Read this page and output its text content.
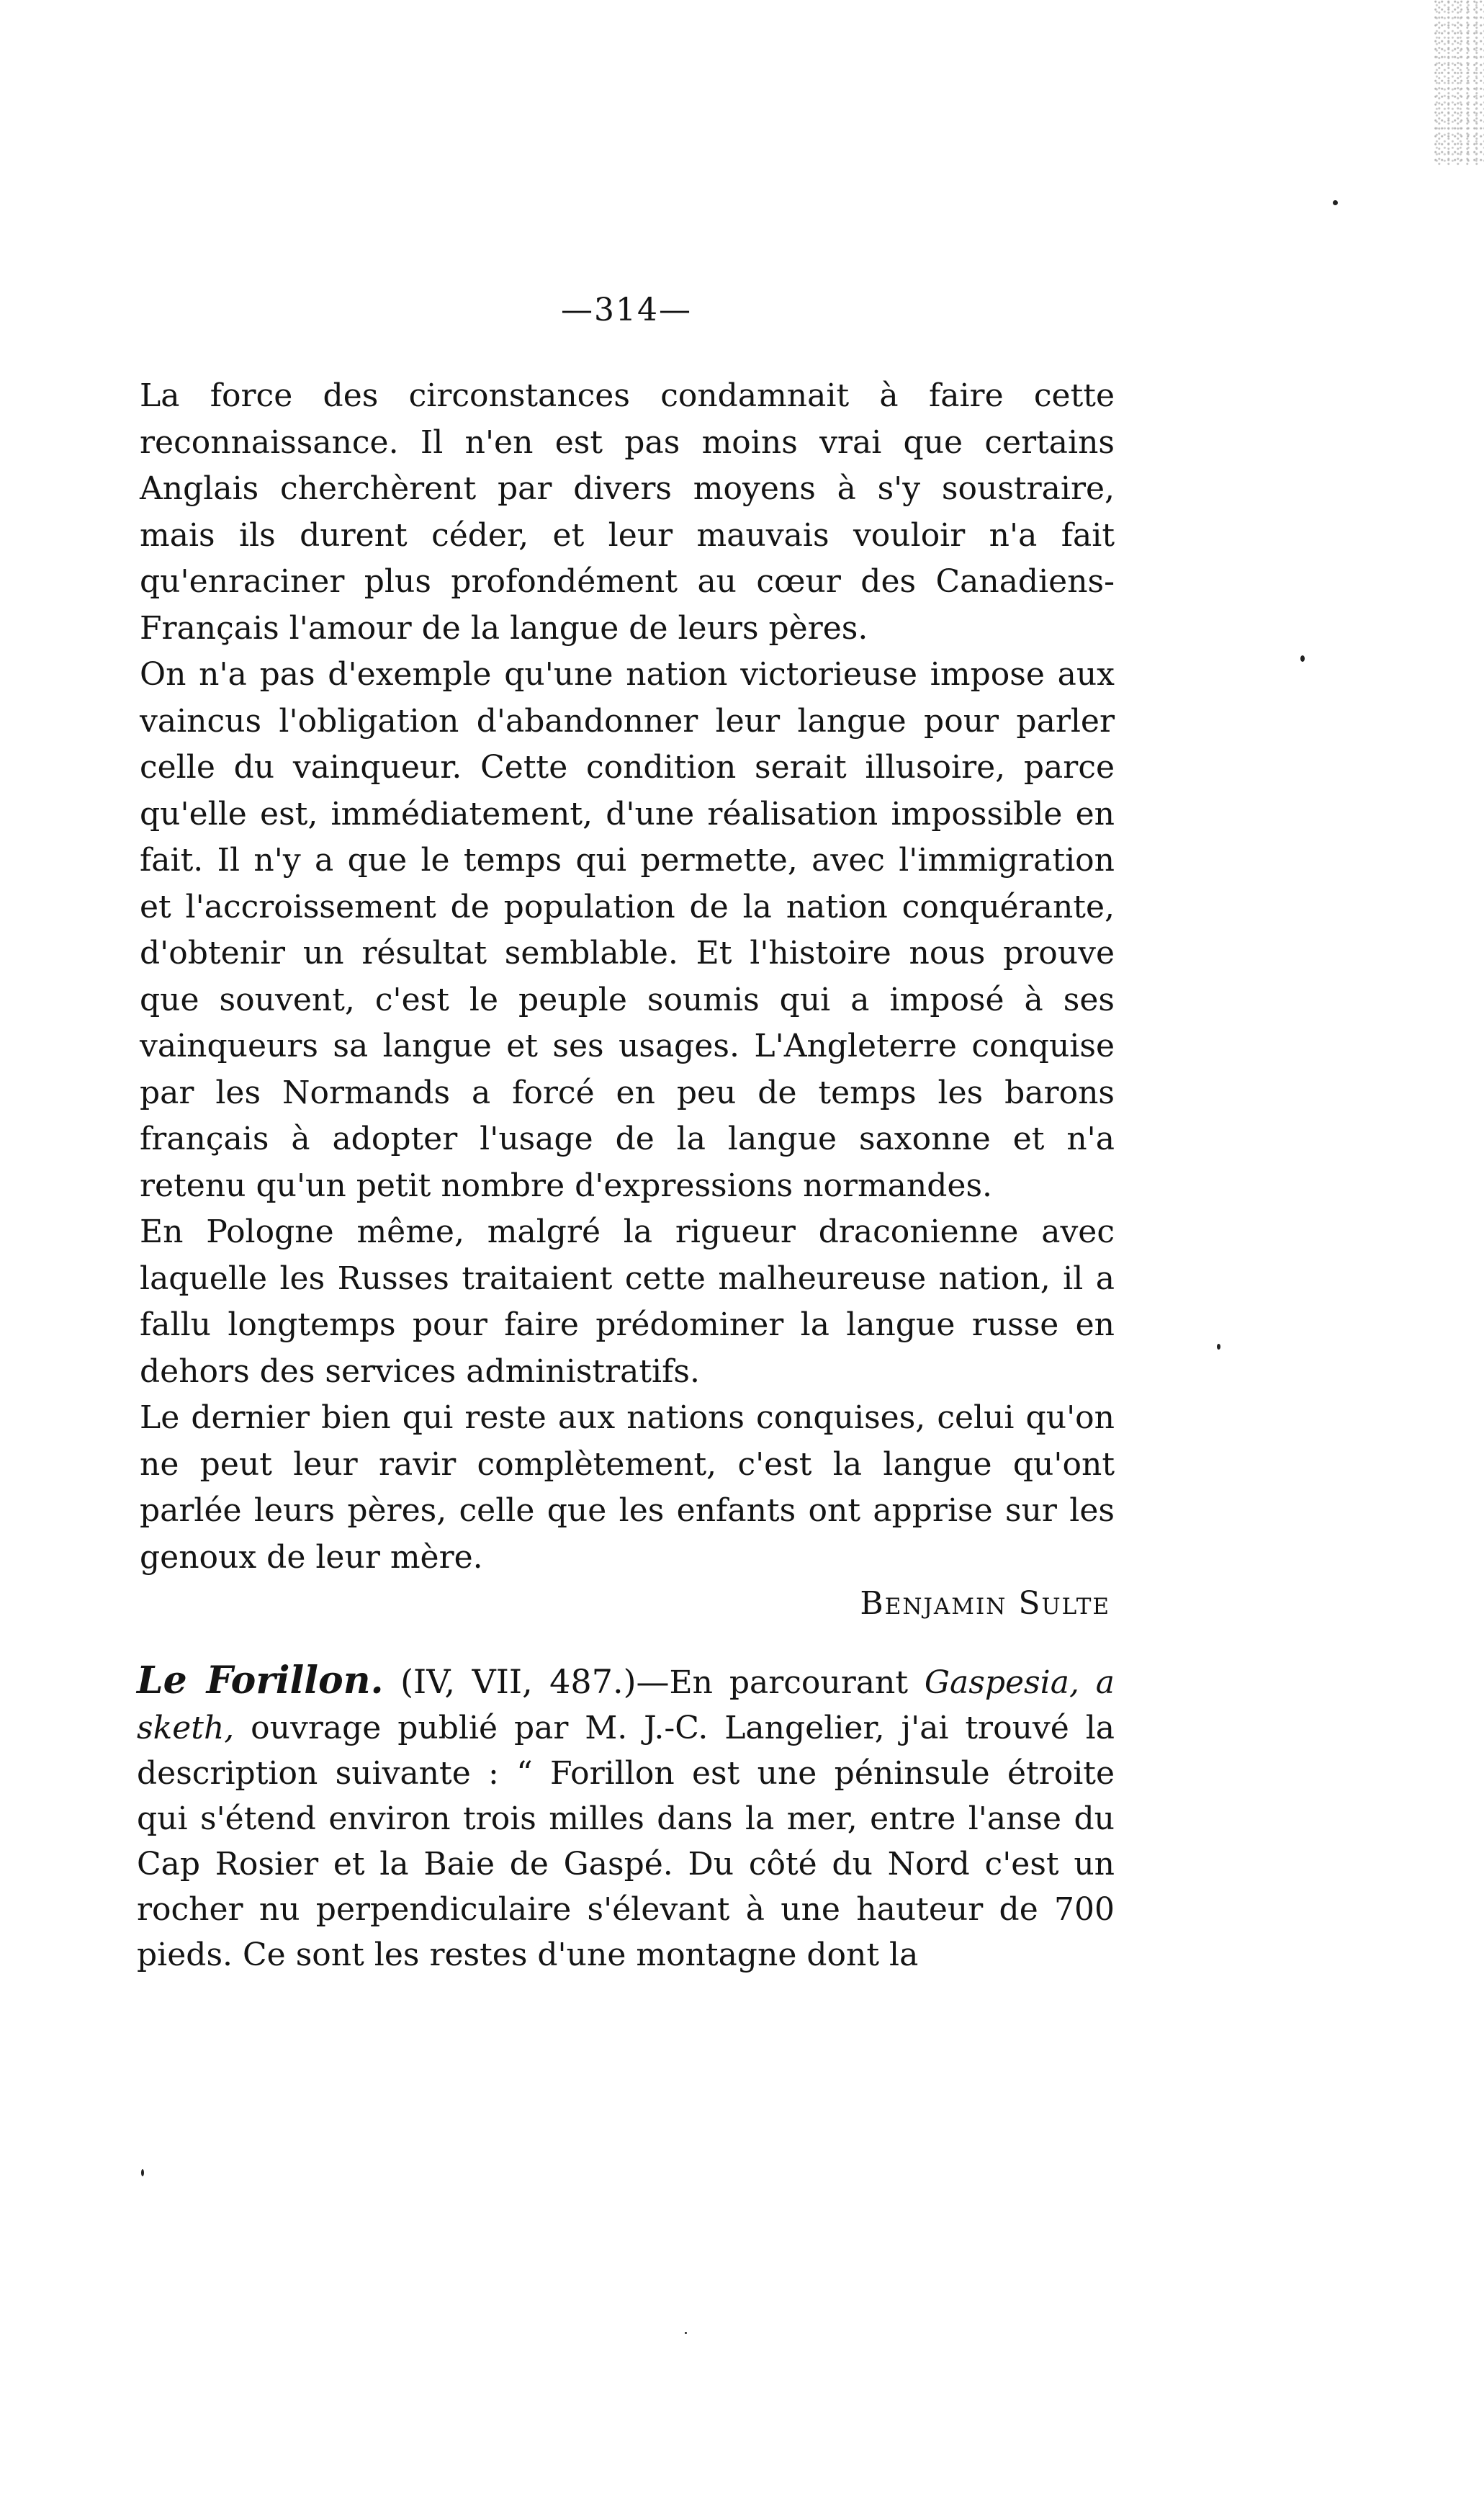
—314—

La force des circonstances condamnait à faire cette reconnaissance. Il n'en est pas moins vrai que certains Anglais cherchèrent par divers moyens à s'y soustraire, mais ils durent céder, et leur mauvais vouloir n'a fait qu'enraciner plus profondément au cœur des Canadiens-Français l'amour de la langue de leurs pères.

On n'a pas d'exemple qu'une nation victorieuse impose aux vaincus l'obligation d'abandonner leur langue pour parler celle du vainqueur. Cette condition serait illusoire, parce qu'elle est, immédiatement, d'une réalisation impossible en fait. Il n'y a que le temps qui permette, avec l'immigration et l'accroissement de population de la nation conquérante, d'obtenir un résultat semblable. Et l'histoire nous prouve que souvent, c'est le peuple soumis qui a imposé à ses vainqueurs sa langue et ses usages. L'Angleterre conquise par les Normands a forcé en peu de temps les barons français à adopter l'usage de la langue saxonne et n'a retenu qu'un petit nombre d'expressions normandes.

En Pologne même, malgré la rigueur draconienne avec laquelle les Russes traitaient cette malheureuse nation, il a fallu longtemps pour faire prédominer la langue russe en dehors des services administratifs.

Le dernier bien qui reste aux nations conquises, celui qu'on ne peut leur ravir complètement, c'est la langue qu'ont parlée leurs pères, celle que les enfants ont apprise sur les genoux de leur mère.

Benjamin Sulte

Le Forillon. (IV, VII, 487.)—En parcourant Gaspesia, a sketh, ouvrage publié par M. J.-C. Langelier, j'ai trouvé la description suivante : “ Forillon est une péninsule étroite qui s'étend environ trois milles dans la mer, entre l'anse du Cap Rosier et la Baie de Gaspé. Du côté du Nord c'est un rocher nu perpendiculaire s'élevant à une hauteur de 700 pieds. Ce sont les restes d'une montagne dont la
